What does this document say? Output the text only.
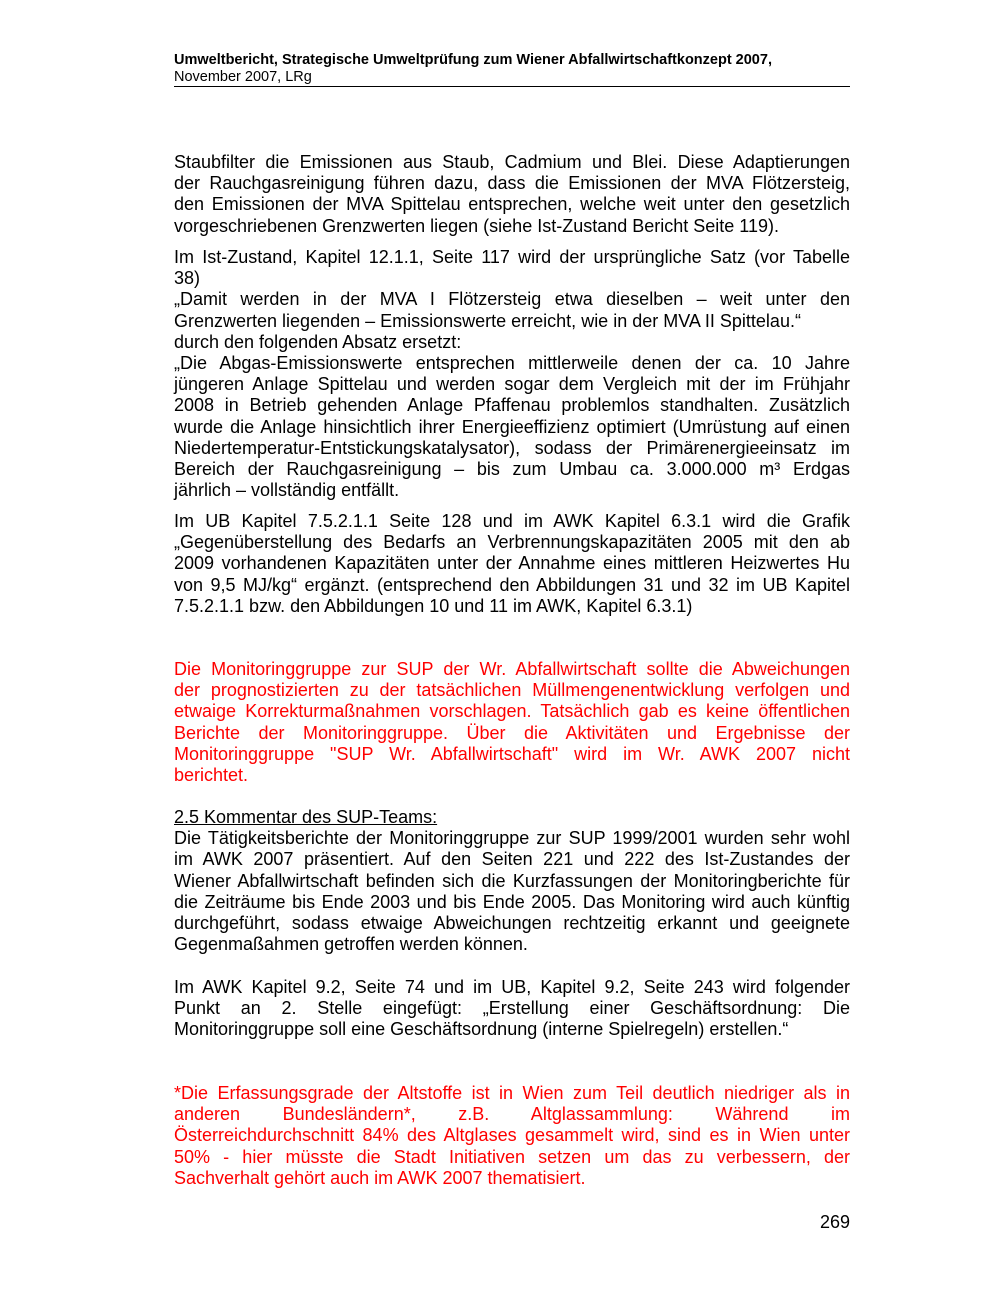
Umweltbericht, Strategische Umweltprüfung zum Wiener Abfallwirtschaftkonzept 2007,
November 2007, LRg
Staubfilter die Emissionen aus Staub, Cadmium und Blei. Diese Adaptierungen
der Rauchgasreinigung führen dazu, dass die Emissionen der MVA Flötzersteig,
den Emissionen der MVA Spittelau entsprechen, welche weit unter den gesetzlich
vorgeschriebenen Grenzwerten liegen (siehe Ist-Zustand Bericht Seite 119).
Im Ist-Zustand, Kapitel 12.1.1, Seite 117 wird der ursprüngliche Satz (vor Tabelle
38)
„Damit werden in der MVA I Flötzersteig etwa dieselben – weit unter den
Grenzwerten liegenden – Emissionswerte erreicht, wie in der MVA II Spittelau.“
durch den folgenden Absatz ersetzt:
„Die Abgas-Emissionswerte entsprechen mittlerweile denen der ca. 10 Jahre
jüngeren Anlage Spittelau und werden sogar dem Vergleich mit der im Frühjahr
2008 in Betrieb gehenden Anlage Pfaffenau problemlos standhalten. Zusätzlich
wurde die Anlage hinsichtlich ihrer Energieeffizienz optimiert (Umrüstung auf einen
Niedertemperatur-Entstickungskatalysator), sodass der Primärenergieeinsatz im
Bereich der Rauchgasreinigung – bis zum Umbau ca. 3.000.000 m³ Erdgas
jährlich – vollständig entfällt.
Im UB Kapitel 7.5.2.1.1 Seite 128 und im AWK Kapitel 6.3.1 wird die Grafik
„Gegenüberstellung des Bedarfs an Verbrennungskapazitäten 2005 mit den ab
2009 vorhandenen Kapazitäten unter der Annahme eines mittleren Heizwertes Hu
von 9,5 MJ/kg“ ergänzt. (entsprechend den Abbildungen 31 und 32 im UB Kapitel
7.5.2.1.1 bzw. den Abbildungen 10 und 11 im AWK, Kapitel 6.3.1)
Die Monitoringgruppe zur SUP der Wr. Abfallwirtschaft sollte die Abweichungen
der prognostizierten zu der tatsächlichen Müllmengenentwicklung verfolgen und
etwaige Korrekturmaßnahmen vorschlagen. Tatsächlich gab es keine öffentlichen
Berichte der Monitoringgruppe. Über die Aktivitäten und Ergebnisse der
Monitoringgruppe "SUP Wr. Abfallwirtschaft" wird im Wr. AWK 2007 nicht
berichtet.
2.5 Kommentar des SUP-Teams:
Die Tätigkeitsberichte der Monitoringgruppe zur SUP 1999/2001 wurden sehr wohl
im AWK 2007 präsentiert. Auf den Seiten 221 und 222 des Ist-Zustandes der
Wiener Abfallwirtschaft befinden sich die Kurzfassungen der Monitoringberichte für
die Zeiträume bis Ende 2003 und bis Ende 2005. Das Monitoring wird auch künftig
durchgeführt, sodass etwaige Abweichungen rechtzeitig erkannt und geeignete
Gegenmaßahmen getroffen werden können.
Im AWK Kapitel 9.2, Seite 74 und im UB, Kapitel 9.2, Seite 243 wird folgender
Punkt an 2. Stelle eingefügt: „Erstellung einer Geschäftsordnung: Die
Monitoringgruppe soll eine Geschäftsordnung (interne Spielregeln) erstellen.“
*Die Erfassungsgrade der Altstoffe ist in Wien zum Teil deutlich niedriger als in
anderen Bundesländern*, z.B. Altglassammlung: Während im
Österreichdurchschnitt 84% des Altglases gesammelt wird, sind es in Wien unter
50% - hier müsste die Stadt Initiativen setzen um das zu verbessern, der
Sachverhalt gehört auch im AWK 2007 thematisiert.
269
